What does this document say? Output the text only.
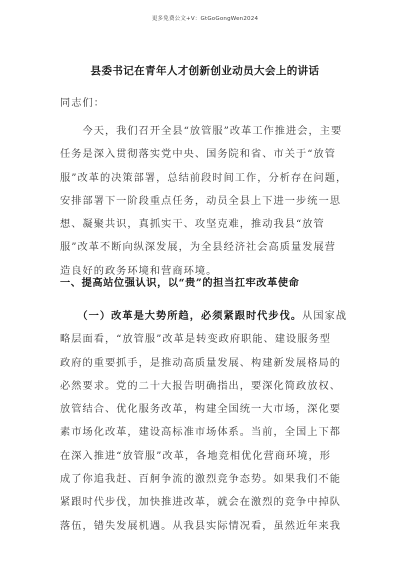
更多免费公文+V：GtGoGongWen2024
县委书记在青年人才创新创业动员大会上的讲话
同志们：
　　今天，我们召开全县“放管服”改革工作推进会，主要
任务是深入贯彻落实党中央、国务院和省、市关于“放管
服”改革的决策部署，总结前段时间工作，分析存在问题，
安排部署下一阶段重点任务，动员全县上下进一步统一思
想、凝聚共识，真抓实干、攻坚克难，推动我县“放管
服”改革不断向纵深发展，为全县经济社会高质量发展营
造良好的政务环境和营商环境。
一、提高站位强认识，以“贵”的担当扛牢改革使命
　　（一）改革是大势所趋，必须紧跟时代步伐。从国家战
略层面看，“放管服”改革是转变政府职能、建设服务型
政府的重要抓手，是推动高质量发展、构建新发展格局的
必然要求。党的二十大报告明确指出，要深化简政放权、
放管结合、优化服务改革，构建全国统一大市场，深化要
素市场化改革，建设高标准市场体系。当前，全国上下都
在深入推进“放管服”改革，各地竞相优化营商环境，形
成了你追我赶、百舸争流的激烈竞争态势。如果我们不能
紧跟时代步伐，加快推进改革，就会在激烈的竞争中掉队
落伍，错失发展机遇。从我县实际情况看，虽然近年来我
